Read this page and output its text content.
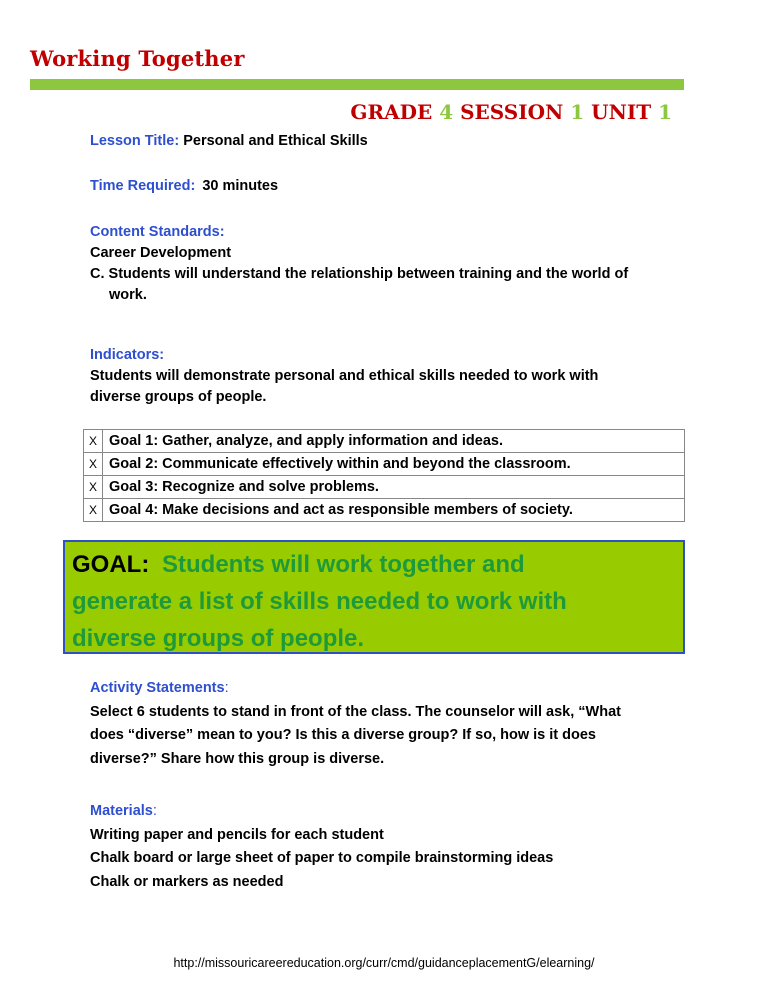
Working Together
GRADE 4 SESSION 1 UNIT 1
Lesson Title: Personal and Ethical Skills
Time Required: 30 minutes
Content Standards:
Career Development
C. Students will understand the relationship between training and the world of
work.
Indicators:
Students will demonstrate personal and ethical skills needed to work with
diverse groups of people.
X	Goal 1: Gather, analyze, and apply information and ideas.
X	Goal 2: Communicate effectively within and beyond the classroom.
X	Goal 3: Recognize and solve problems.
X	Goal 4: Make decisions and act as responsible members of society.
GOAL: Students will work together and
generate a list of skills needed to work with
diverse groups of people.
Activity Statements:
Select 6 students to stand in front of the class. The counselor will ask, “What
does “diverse” mean to you? Is this a diverse group? If so, how is it does
diverse?” Share how this group is diverse.
Materials:
Writing paper and pencils for each student
Chalk board or large sheet of paper to compile brainstorming ideas
Chalk or markers as needed
http://missouricareereducation.org/curr/cmd/guidanceplacementG/elearning/
